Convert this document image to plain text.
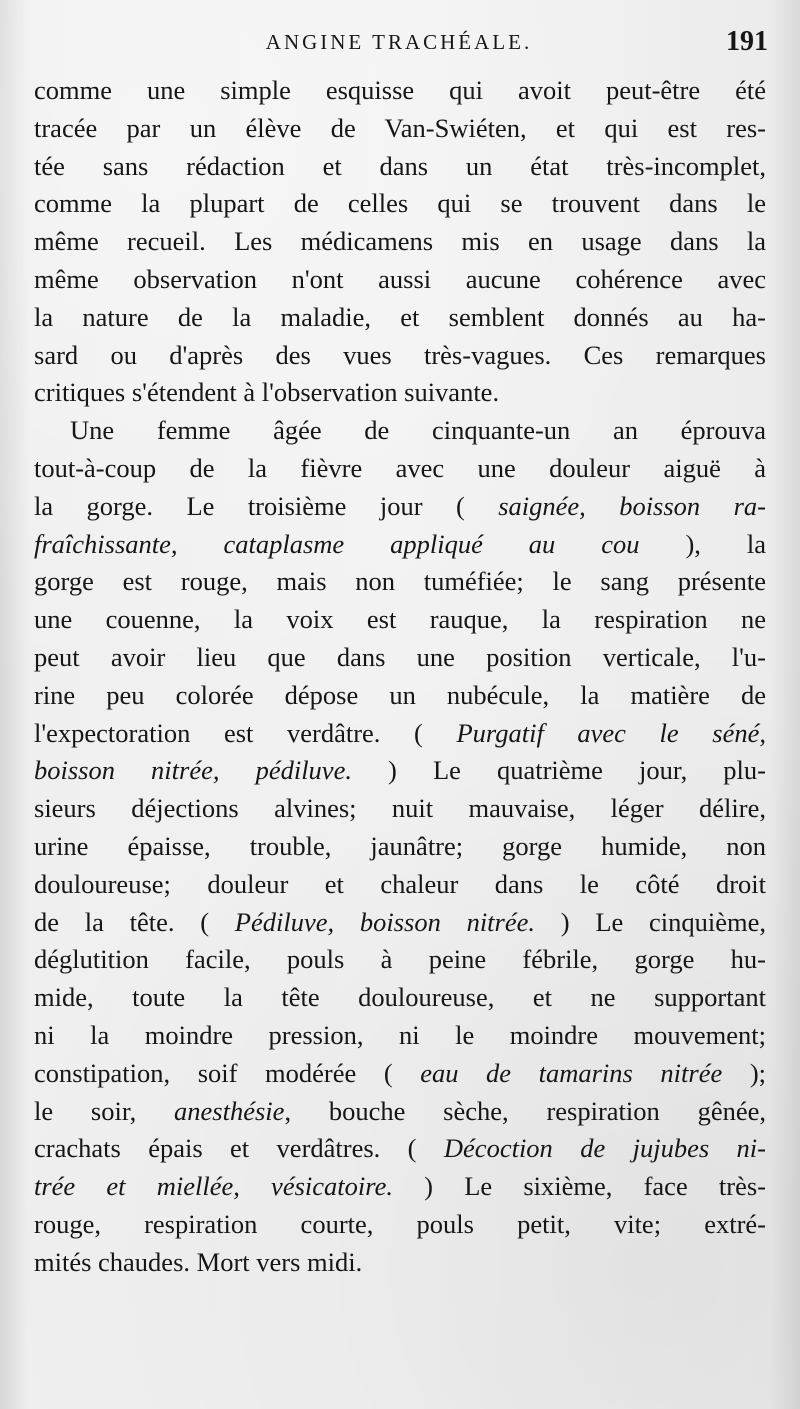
ANGINE TRACHÉALE.	191
comme une simple esquisse qui avoit peut-être été
tracée par un élève de Van-Swiéten, et qui est res-
tée sans rédaction et dans un état très-incomplet,
comme la plupart de celles qui se trouvent dans le
même recueil. Les médicamens mis en usage dans la
même observation n'ont aussi aucune cohérence avec
la nature de la maladie, et semblent donnés au ha-
sard ou d'après des vues très-vagues. Ces remarques
critiques s'étendent à l'observation suivante.
Une femme âgée de cinquante-un an éprouva
tout-à-coup de la fièvre avec une douleur aiguë à
la gorge. Le troisième jour ( saignée, boisson ra-
fraîchissante, cataplasme appliqué au cou ), la
gorge est rouge, mais non tuméfiée; le sang présente
une couenne, la voix est rauque, la respiration ne
peut avoir lieu que dans une position verticale, l'u-
rine peu colorée dépose un nubécule, la matière de
l'expectoration est verdâtre. ( Purgatif avec le séné,
boisson nitrée, pédiluve. ) Le quatrième jour, plu-
sieurs déjections alvines; nuit mauvaise, léger délire,
urine épaisse, trouble, jaunâtre; gorge humide, non
douloureuse; douleur et chaleur dans le côté droit
de la tête. ( Pédiluve, boisson nitrée. ) Le cinquième,
déglutition facile, pouls à peine fébrile, gorge hu-
mide, toute la tête douloureuse, et ne supportant
ni la moindre pression, ni le moindre mouvement;
constipation, soif modérée ( eau de tamarins nitrée );
le soir, anesthésie, bouche sèche, respiration gênée,
crachats épais et verdâtres. ( Décoction de jujubes ni-
trée et miellée, vésicatoire. ) Le sixième, face très-
rouge, respiration courte, pouls petit, vite; extré-
mités chaudes. Mort vers midi.
